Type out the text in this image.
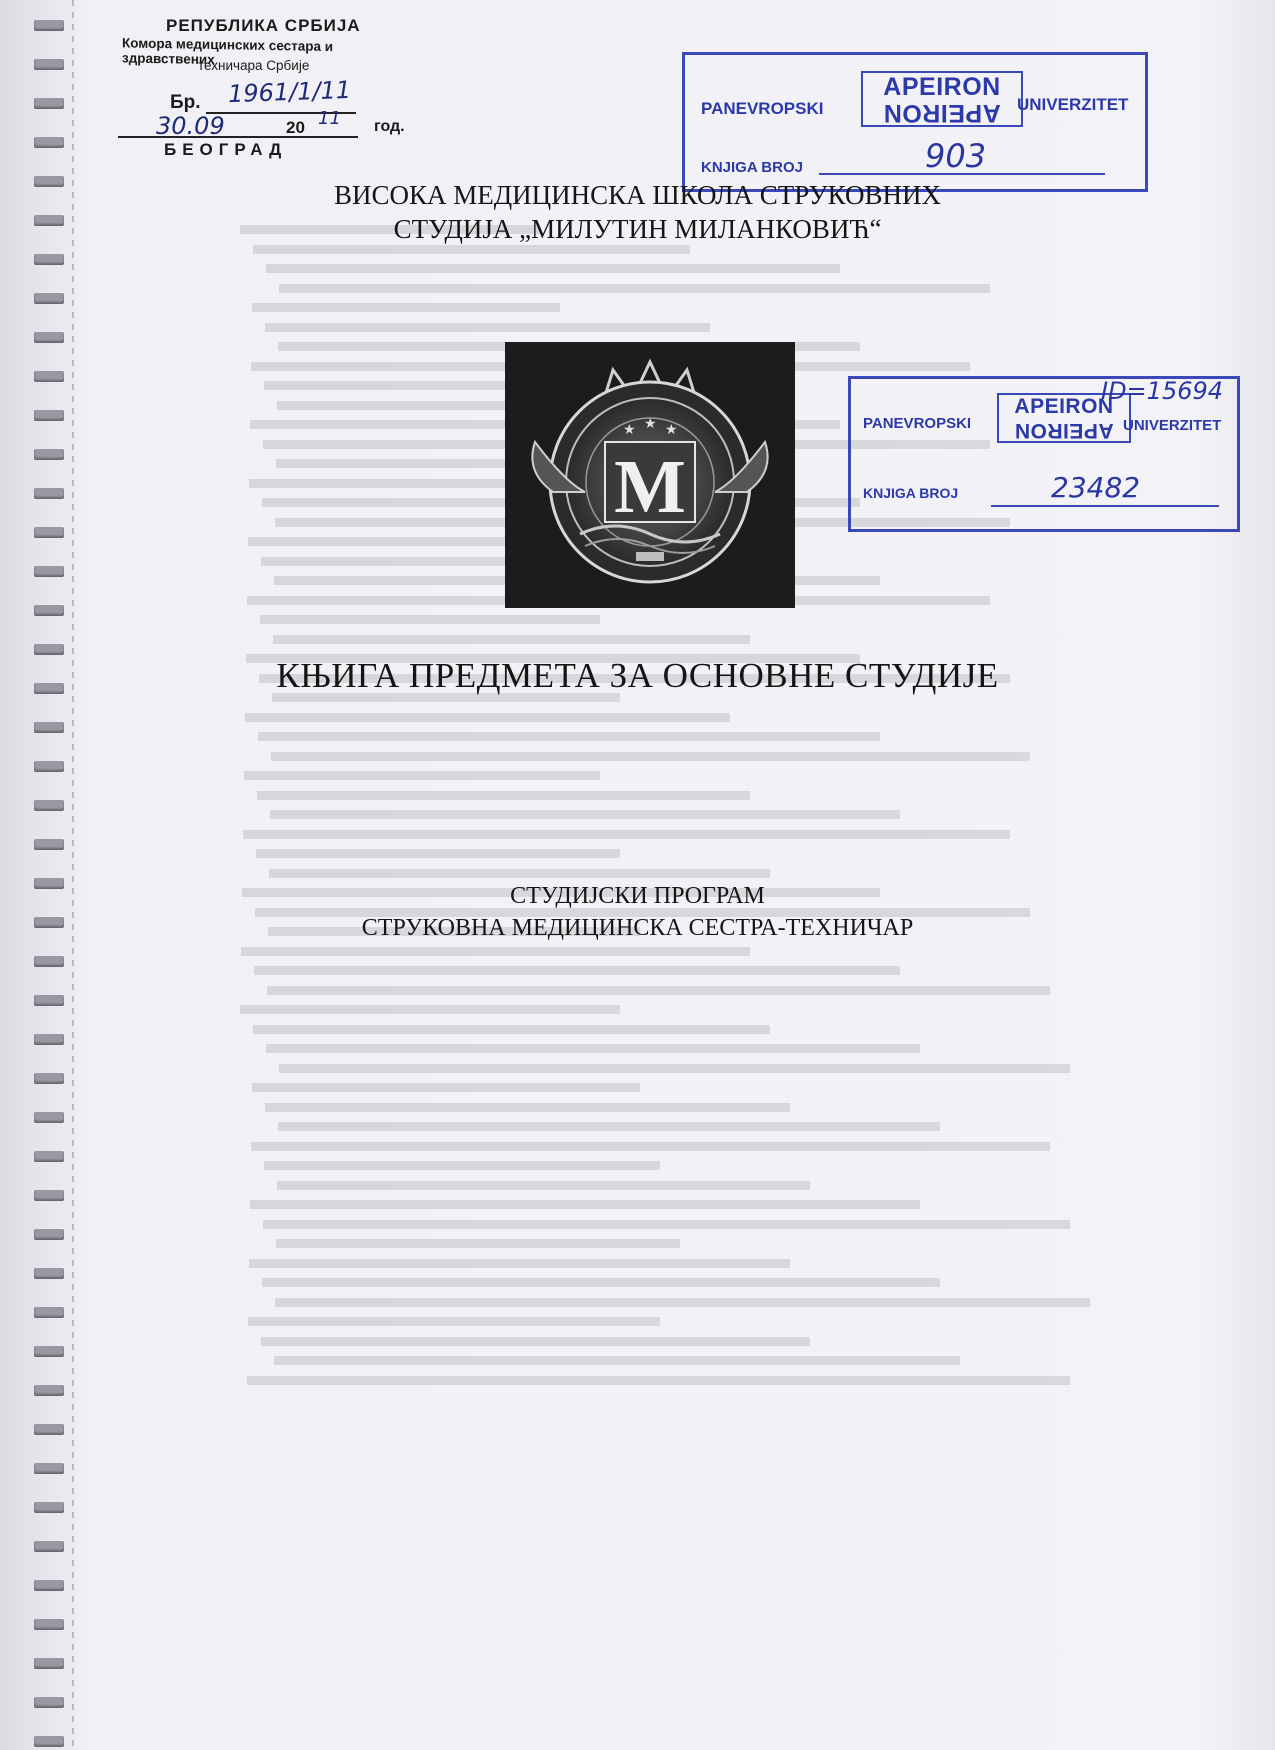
РЕПУБЛИКА СРБИЈА
Комора медицинских сестара и здравствених
техничара Србије
Бр. 1961/1/11
30.09	20 11 год.
БЕОГРАД
PANEVROPSKI
APEIRON
APEIRON UNIVERZITET
KNJIGA BROJ	903
PANEVROPSKI
APEIRON
APEIRON UNIVERZITET
ID=15694
KNJIGA BROJ	23482
ВИСОКА МЕДИЦИНСКА ШКОЛА СТРУКОВНИХ
СТУДИЈА „МИЛУТИН МИЛАНКОВИЋ“
★ ★ ★
M
КЊИГА ПРЕДМЕТА ЗА ОСНОВНЕ СТУДИЈЕ
СТУДИЈСКИ ПРОГРАМ
СТРУКОВНА МЕДИЦИНСКА СЕСТРА-ТЕХНИЧАР
